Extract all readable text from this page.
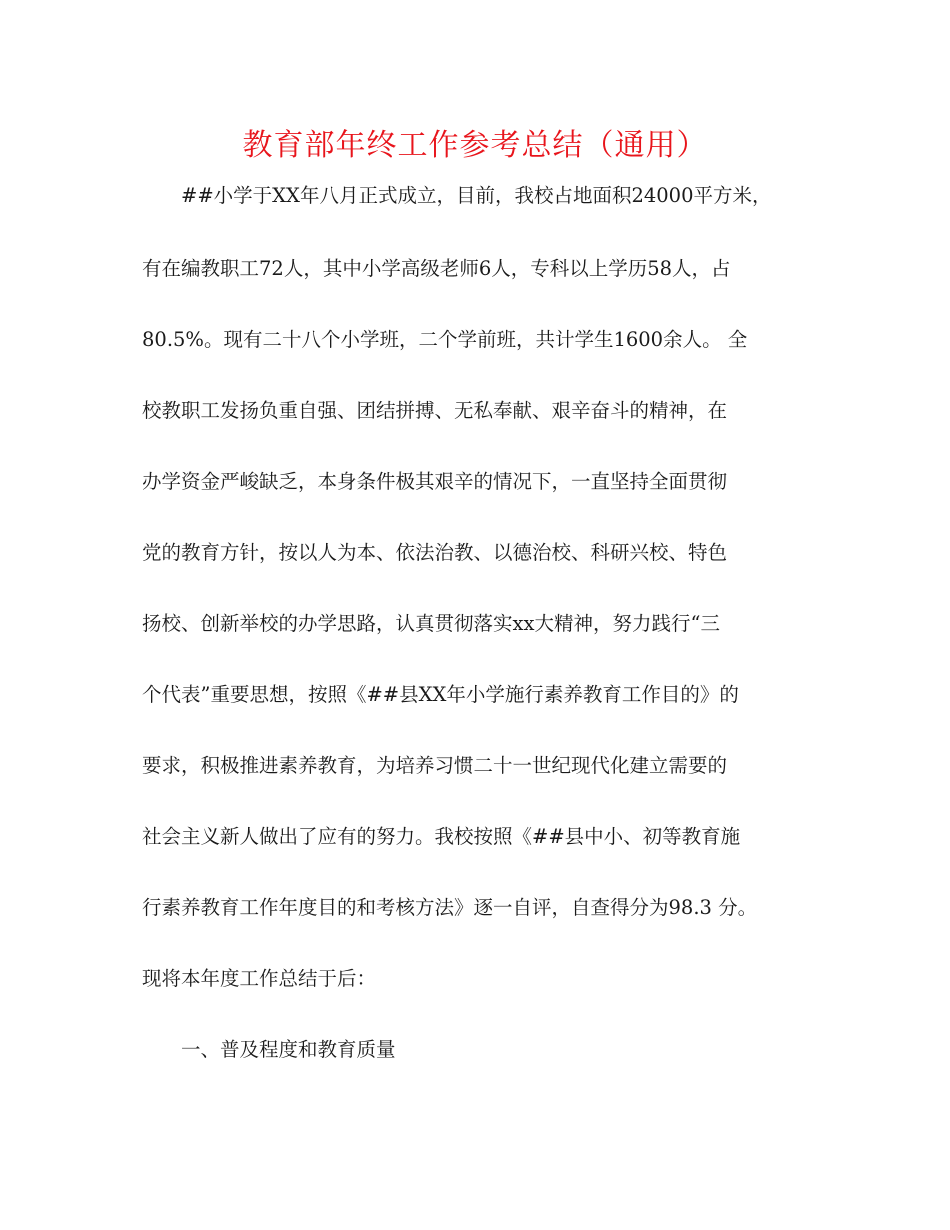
教育部年终工作参考总结（通用）

　　##小学于XX年八月正式成立，目前，我校占地面积24000平方米，

有在编教职工72人，其中小学高级老师6人，专科以上学历58人，占

80.5%。现有二十八个小学班，二个学前班，共计学生1600余人。 全

校教职工发扬负重自强、团结拼搏、无私奉献、艰辛奋斗的精神，在

办学资金严峻缺乏，本身条件极其艰辛的情况下，一直坚持全面贯彻

党的教育方针，按以人为本、依法治教、以德治校、科研兴校、特色

扬校、创新举校的办学思路，认真贯彻落实xx大精神，努力践行“三

个代表”重要思想，按照《##县XX年小学施行素养教育工作目的》的

要求，积极推进素养教育，为培养习惯二十一世纪现代化建立需要的

社会主义新人做出了应有的努力。我校按照《##县中小、初等教育施

行素养教育工作年度目的和考核方法》逐一自评，自查得分为98.3 分。

现将本年度工作总结于后：

　　一、普及程度和教育质量
